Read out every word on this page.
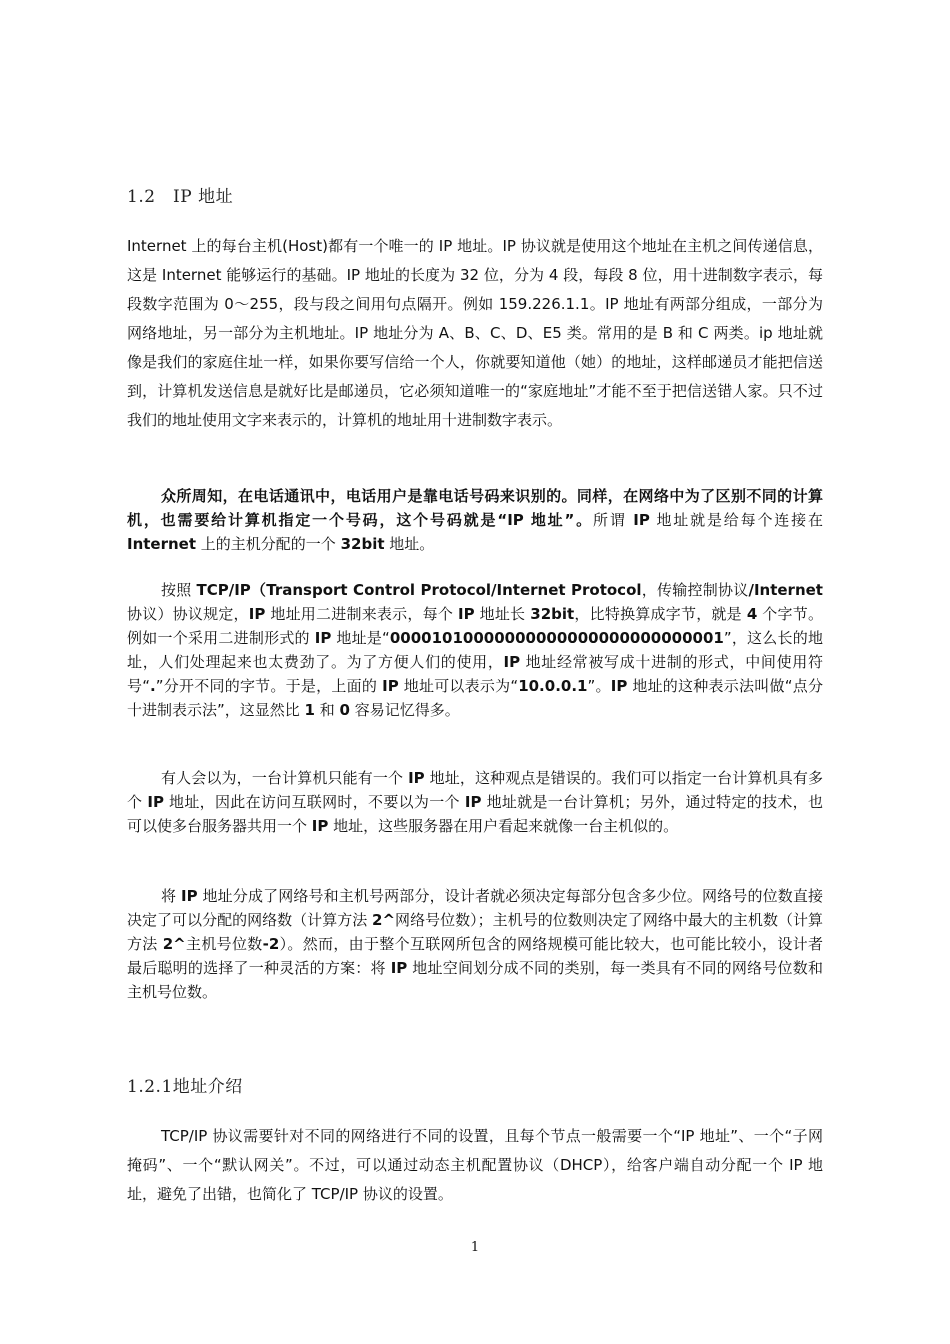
1.2　IP 地址

Internet 上的每台主机(Host)都有一个唯一的 IP 地址。IP 协议就是使用这个地址在主机之间传递信息，这是 Internet 能够运行的基础。IP 地址的长度为 32 位，分为 4 段，每段 8 位，用十进制数字表示，每段数字范围为 0～255，段与段之间用句点隔开。例如 159.226.1.1。IP 地址有两部分组成，一部分为网络地址，另一部分为主机地址。IP 地址分为 A、B、C、D、E5 类。常用的是 B 和 C 两类。ip 地址就像是我们的家庭住址一样，如果你要写信给一个人，你就要知道他（她）的地址，这样邮递员才能把信送到，计算机发送信息是就好比是邮递员，它必须知道唯一的“家庭地址”才能不至于把信送错人家。只不过我们的地址使用文字来表示的，计算机的地址用十进制数字表示。

众所周知，在电话通讯中，电话用户是靠电话号码来识别的。同样，在网络中为了区别不同的计算机，也需要给计算机指定一个号码，这个号码就是“IP 地址”。所谓 IP 地址就是给每个连接在 Internet 上的主机分配的一个 32bit 地址。

按照 TCP/IP（Transport Control Protocol/Internet Protocol，传输控制协议/Internet 协议）协议规定，IP 地址用二进制来表示，每个 IP 地址长 32bit，比特换算成字节，就是 4 个字节。例如一个采用二进制形式的 IP 地址是“00001010000000000000000000000001”，这么长的地址，人们处理起来也太费劲了。为了方便人们的使用，IP 地址经常被写成十进制的形式，中间使用符号“.”分开不同的字节。于是，上面的 IP 地址可以表示为“10.0.0.1”。IP 地址的这种表示法叫做“点分十进制表示法”，这显然比 1 和 0 容易记忆得多。

有人会以为，一台计算机只能有一个 IP 地址，这种观点是错误的。我们可以指定一台计算机具有多个 IP 地址，因此在访问互联网时，不要以为一个 IP 地址就是一台计算机；另外，通过特定的技术，也可以使多台服务器共用一个 IP 地址，这些服务器在用户看起来就像一台主机似的。

将 IP 地址分成了网络号和主机号两部分，设计者就必须决定每部分包含多少位。网络号的位数直接决定了可以分配的网络数（计算方法 2^网络号位数）；主机号的位数则决定了网络中最大的主机数（计算方法 2^主机号位数-2）。然而，由于整个互联网所包含的网络规模可能比较大，也可能比较小，设计者最后聪明的选择了一种灵活的方案：将 IP 地址空间划分成不同的类别，每一类具有不同的网络号位数和主机号位数。

1.2.1地址介绍

TCP/IP 协议需要针对不同的网络进行不同的设置，且每个节点一般需要一个“IP 地址”、一个“子网掩码”、一个“默认网关”。不过，可以通过动态主机配置协议（DHCP），给客户端自动分配一个 IP 地址，避免了出错，也简化了 TCP/IP 协议的设置。

1
